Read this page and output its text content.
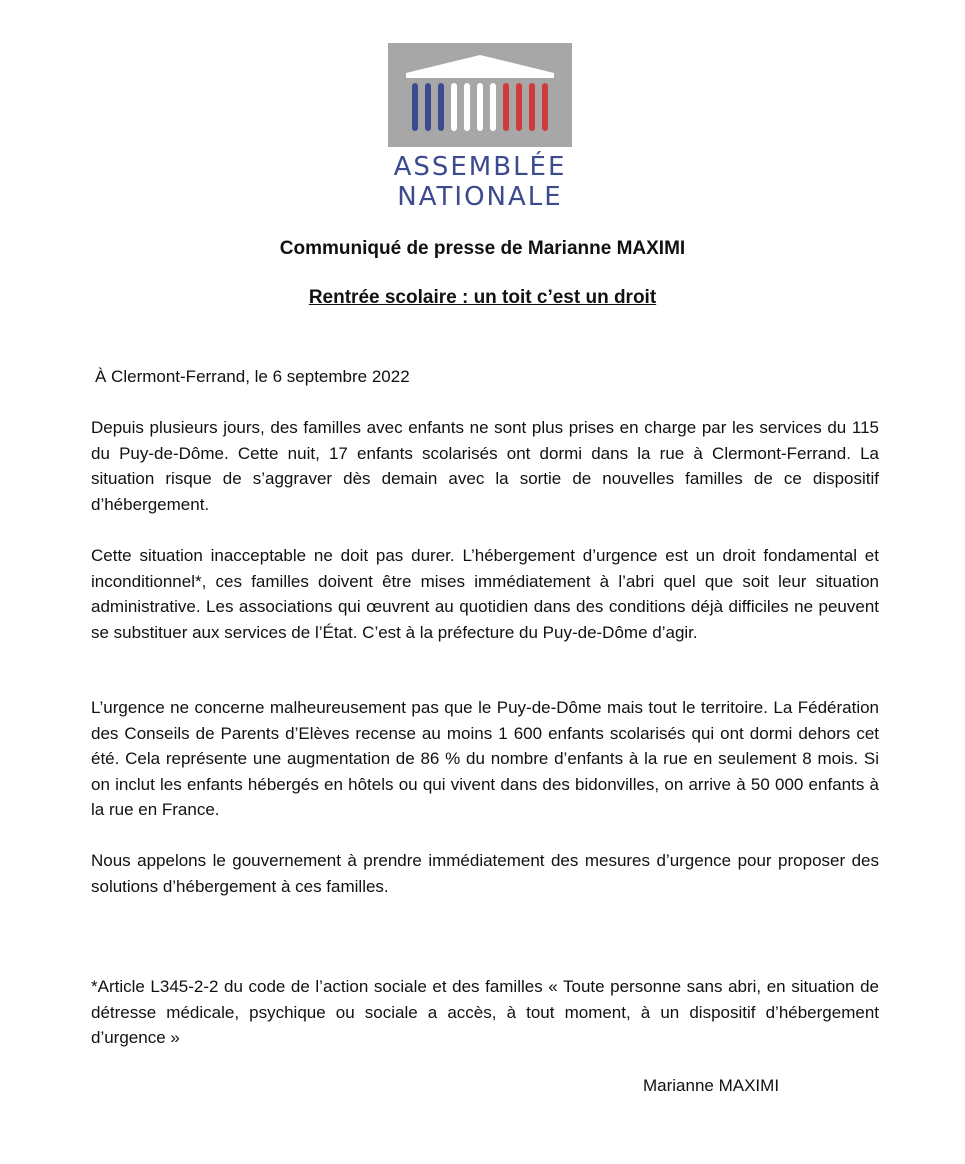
ASSEMBLÉE
NATIONALE
Communiqué de presse de Marianne MAXIMI
Rentrée scolaire : un toit c’est un droit
À Clermont-Ferrand, le 6 septembre 2022

Depuis plusieurs jours, des familles avec enfants ne sont plus prises en charge par les services du 115 du Puy-de-Dôme. Cette nuit, 17 enfants scolarisés ont dormi dans la rue à Clermont-Ferrand. La situation risque de s’aggraver dès demain avec la sortie de nouvelles familles de ce dispositif d’hébergement.

Cette situation inacceptable ne doit pas durer. L’hébergement d’urgence est un droit fondamental et inconditionnel*, ces familles doivent être mises immédiatement à l’abri quel que soit leur situation administrative. Les associations qui œuvrent au quotidien dans des conditions déjà difficiles ne peuvent se substituer aux services de l’État. C’est à la préfecture du Puy-de-Dôme d’agir.

L’urgence ne concerne malheureusement pas que le Puy-de-Dôme mais tout le territoire. La Fédération des Conseils de Parents d’Elèves recense au moins 1 600 enfants scolarisés qui ont dormi dehors cet été. Cela représente une augmentation de 86 % du nombre d’enfants à la rue en seulement 8 mois. Si on inclut les enfants hébergés en hôtels ou qui vivent dans des bidonvilles, on arrive à 50 000 enfants à la rue en France.

Nous appelons le gouvernement à prendre immédiatement des mesures d’urgence pour proposer des solutions d’hébergement à ces familles.

*Article L345-2-2 du code de l’action sociale et des familles « Toute personne sans abri, en situation de détresse médicale, psychique ou sociale a accès, à tout moment, à un dispositif d’hébergement d’urgence »

Marianne MAXIMI
